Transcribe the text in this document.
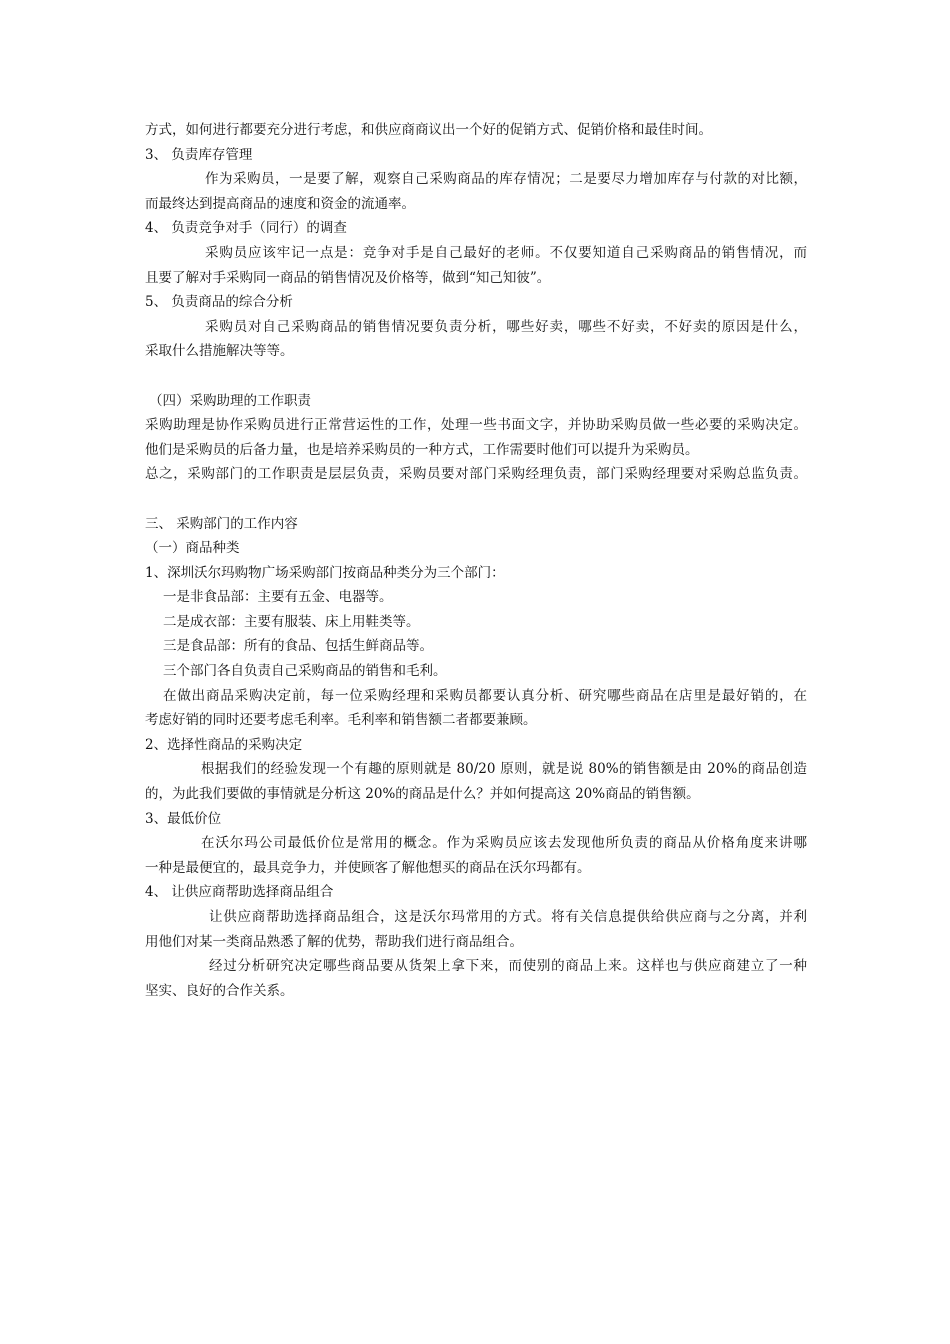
方式，如何进行都要充分进行考虑，和供应商商议出一个好的促销方式、促销价格和最佳时间。
3、 负责库存管理
作为采购员，一是要了解，观察自己采购商品的库存情况；二是要尽力增加库存与付款的对比额，
而最终达到提高商品的速度和资金的流通率。
4、 负责竞争对手（同行）的调查
采购员应该牢记一点是：竞争对手是自己最好的老师。不仅要知道自己采购商品的销售情况，而
且要了解对手采购同一商品的销售情况及价格等，做到“知己知彼”。
5、 负责商品的综合分析
采购员对自己采购商品的销售情况要负责分析，哪些好卖，哪些不好卖，不好卖的原因是什么，
采取什么措施解决等等。
（四）采购助理的工作职责
采购助理是协作采购员进行正常营运性的工作，处理一些书面文字，并协助采购员做一些必要的采购决定。
他们是采购员的后备力量，也是培养采购员的一种方式，工作需要时他们可以提升为采购员。
总之，采购部门的工作职责是层层负责，采购员要对部门采购经理负责，部门采购经理要对采购总监负责。
三、 采购部门的工作内容
（一）商品种类
1、深圳沃尔玛购物广场采购部门按商品种类分为三个部门：
一是非食品部：主要有五金、电器等。
二是成衣部：主要有服装、床上用鞋类等。
三是食品部：所有的食品、包括生鲜商品等。
三个部门各自负责自己采购商品的销售和毛利。
在做出商品采购决定前，每一位采购经理和采购员都要认真分析、研究哪些商品在店里是最好销的，在
考虑好销的同时还要考虑毛利率。毛利率和销售额二者都要兼顾。
2、选择性商品的采购决定
根据我们的经验发现一个有趣的原则就是 80/20 原则，就是说 80%的销售额是由 20%的商品创造
的，为此我们要做的事情就是分析这 20%的商品是什么？并如何提高这 20%商品的销售额。
3、最低价位
在沃尔玛公司最低价位是常用的概念。作为采购员应该去发现他所负责的商品从价格角度来讲哪
一种是最便宜的，最具竞争力，并使顾客了解他想买的商品在沃尔玛都有。
4、 让供应商帮助选择商品组合
让供应商帮助选择商品组合，这是沃尔玛常用的方式。将有关信息提供给供应商与之分离，并利
用他们对某一类商品熟悉了解的优势，帮助我们进行商品组合。
经过分析研究决定哪些商品要从货架上拿下来，而使别的商品上来。这样也与供应商建立了一种
坚实、良好的合作关系。
